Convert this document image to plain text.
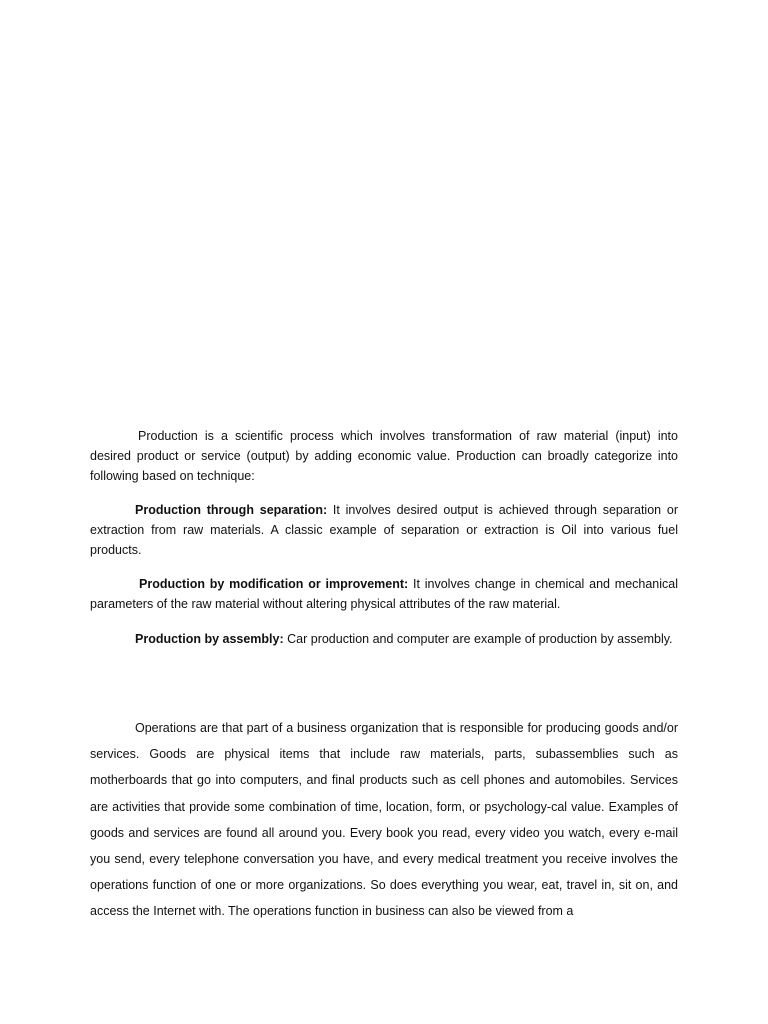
Production is a scientific process which involves transformation of raw material (input) into desired product or service (output) by adding economic value. Production can broadly categorize into following based on technique:

Production through separation: It involves desired output is achieved through separation or extraction from raw materials. A classic example of separation or extraction is Oil into various fuel products.

Production by modification or improvement: It involves change in chemical and mechanical parameters of the raw material without altering physical attributes of the raw material.

Production by assembly: Car production and computer are example of production by assembly.

Operations are that part of a business organization that is responsible for producing goods and/or services. Goods are physical items that include raw materials, parts, subassemblies such as motherboards that go into computers, and final products such as cell phones and automobiles. Services are activities that provide some combination of time, location, form, or psychology-cal value. Examples of goods and services are found all around you. Every book you read, every video you watch, every e-mail you send, every telephone conversation you have, and every medical treatment you receive involves the operations function of one or more organizations. So does everything you wear, eat, travel in, sit on, and access the Internet with. The operations function in business can also be viewed from a
